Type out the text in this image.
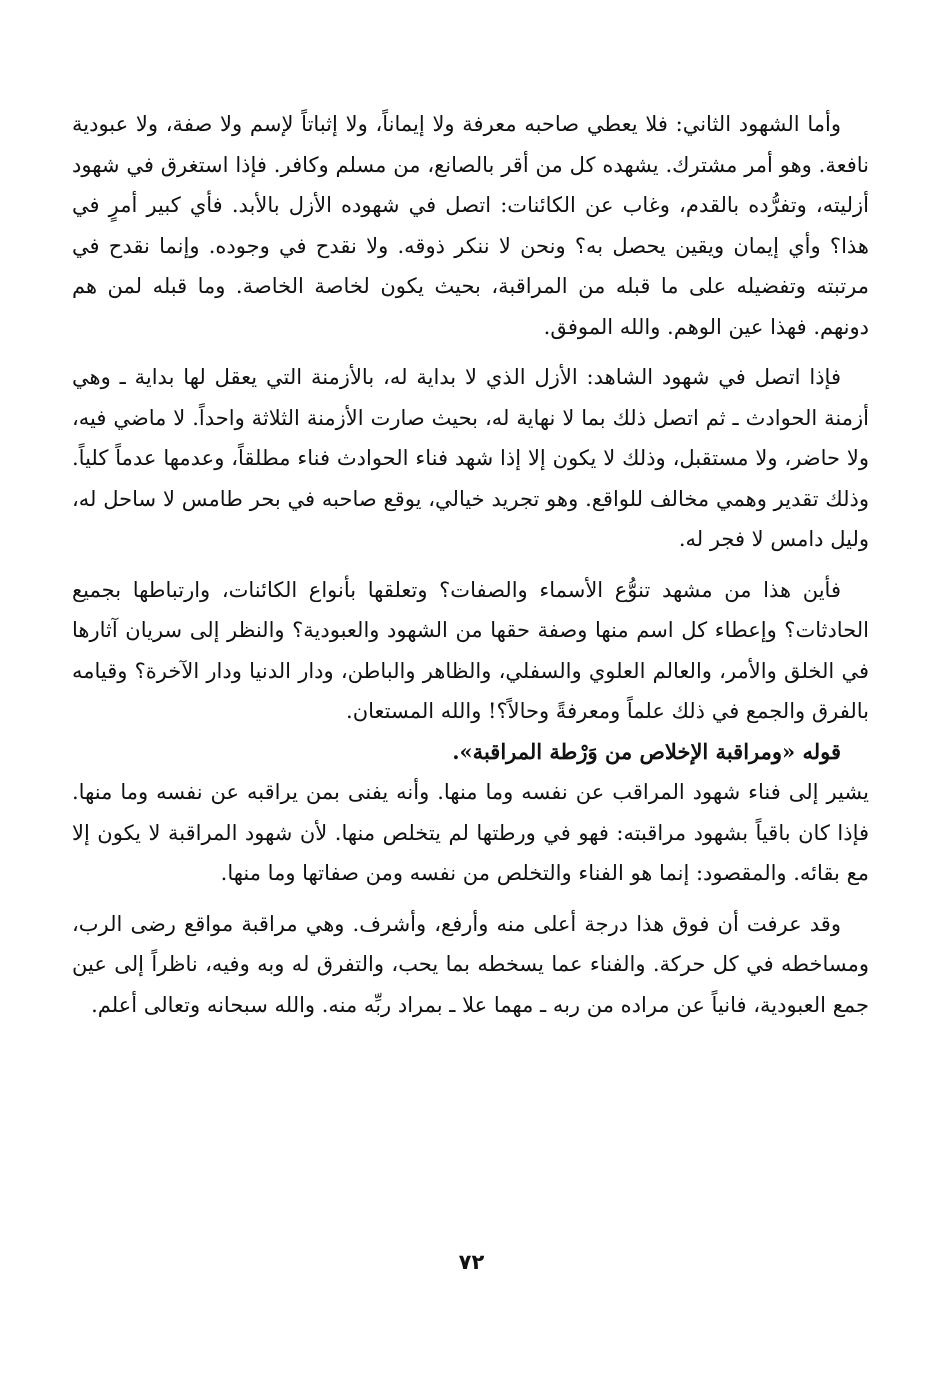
وأما الشهود الثاني: فلا يعطي صاحبه معرفة ولا إيماناً، ولا إثباتاً لإسم ولا صفة، ولا عبودية نافعة. وهو أمر مشترك. يشهده كل من أقر بالصانع، من مسلم وكافر. فإذا استغرق في شهود أزليته، وتفرُّده بالقدم، وغاب عن الكائنات: اتصل في شهوده الأزل بالأبد. فأي كبير أمرٍ في هذا؟ وأي إيمان ويقين يحصل به؟ ونحن لا ننكر ذوقه. ولا نقدح في وجوده. وإنما نقدح في مرتبته وتفضيله على ما قبله من المراقبة، بحيث يكون لخاصة الخاصة. وما قبله لمن هم دونهم. فهذا عين الوهم. والله الموفق.

فإذا اتصل في شهود الشاهد: الأزل الذي لا بداية له، بالأزمنة التي يعقل لها بداية ـ وهي أزمنة الحوادث ـ ثم اتصل ذلك بما لا نهاية له، بحيث صارت الأزمنة الثلاثة واحداً. لا ماضي فيه، ولا حاضر، ولا مستقبل، وذلك لا يكون إلا إذا شهد فناء الحوادث فناء مطلقاً، وعدمها عدماً كلياً. وذلك تقدير وهمي مخالف للواقع. وهو تجريد خيالي، يوقع صاحبه في بحر طامس لا ساحل له، وليل دامس لا فجر له.

فأين هذا من مشهد تنوُّع الأسماء والصفات؟ وتعلقها بأنواع الكائنات، وارتباطها بجميع الحادثات؟ وإعطاء كل اسم منها وصفة حقها من الشهود والعبودية؟ والنظر إلى سريان آثارها في الخلق والأمر، والعالم العلوي والسفلي، والظاهر والباطن، ودار الدنيا ودار الآخرة؟ وقيامه بالفرق والجمع في ذلك علماً ومعرفةً وحالاً؟! والله المستعان.

قوله «ومراقبة الإخلاص من وَرْطة المراقبة».

يشير إلى فناء شهود المراقب عن نفسه وما منها. وأنه يفنى بمن يراقبه عن نفسه وما منها. فإذا كان باقياً بشهود مراقبته: فهو في ورطتها لم يتخلص منها. لأن شهود المراقبة لا يكون إلا مع بقائه. والمقصود: إنما هو الفناء والتخلص من نفسه ومن صفاتها وما منها.

وقد عرفت أن فوق هذا درجة أعلى منه وأرفع، وأشرف. وهي مراقبة مواقع رضى الرب، ومساخطه في كل حركة. والفناء عما يسخطه بما يحب، والتفرق له وبه وفيه، ناظراً إلى عين جمع العبودية، فانياً عن مراده من ربه ـ مهما علا ـ بمراد ربِّه منه. والله سبحانه وتعالى أعلم.

٧٢
